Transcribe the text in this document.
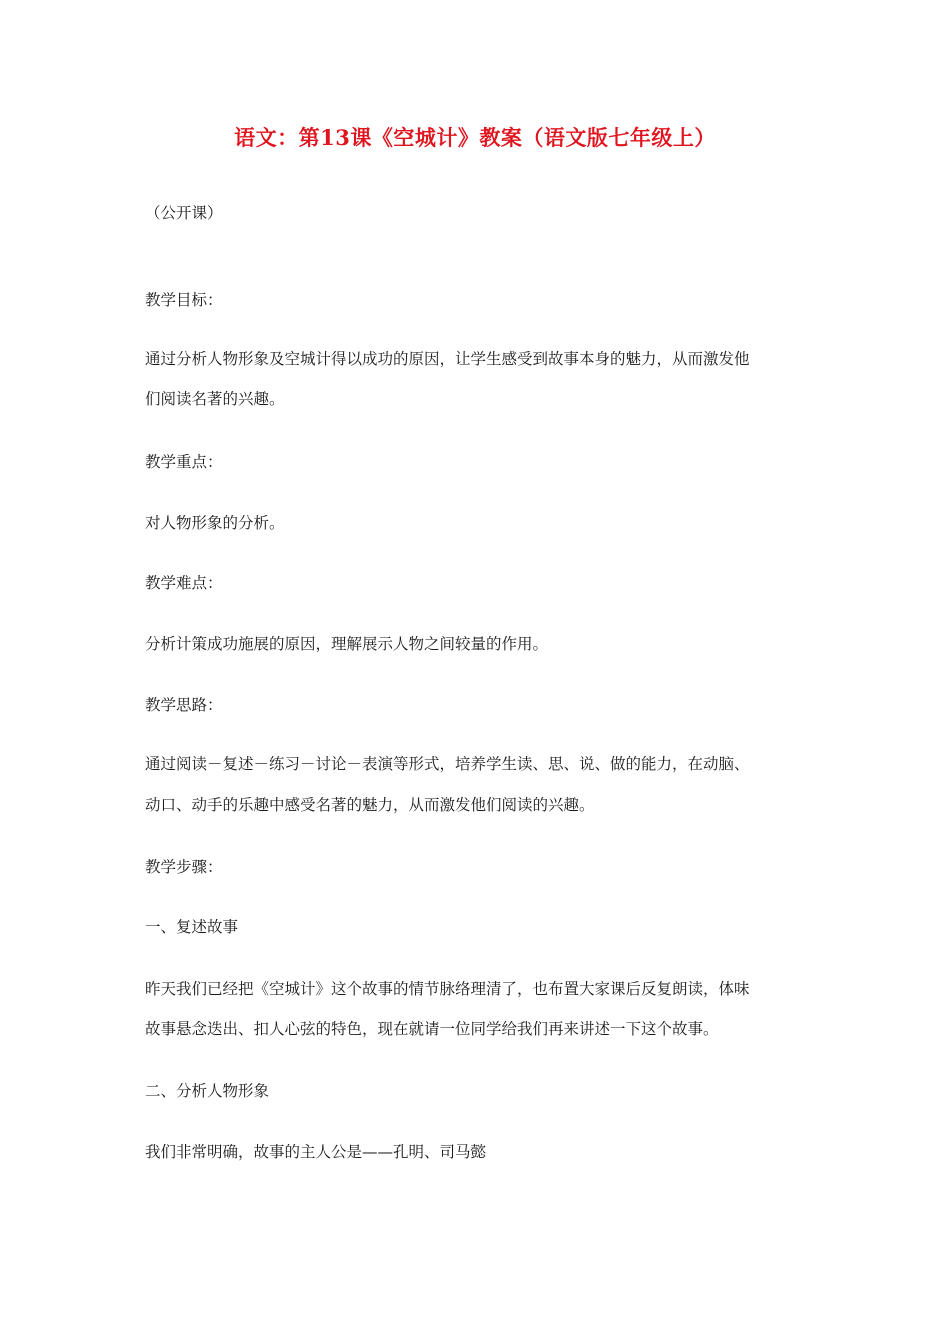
语文：第13课《空城计》教案（语文版七年级上）
（公开课）
教学目标：
通过分析人物形象及空城计得以成功的原因，让学生感受到故事本身的魅力，从而激发他
们阅读名著的兴趣。
教学重点：
对人物形象的分析。
教学难点：
分析计策成功施展的原因，理解展示人物之间较量的作用。
教学思路：
通过阅读－复述－练习－讨论－表演等形式，培养学生读、思、说、做的能力，在动脑、
动口、动手的乐趣中感受名著的魅力，从而激发他们阅读的兴趣。
教学步骤：
一、复述故事
昨天我们已经把《空城计》这个故事的情节脉络理清了，也布置大家课后反复朗读，体味
故事悬念迭出、扣人心弦的特色，现在就请一位同学给我们再来讲述一下这个故事。
二、分析人物形象
我们非常明确，故事的主人公是——孔明、司马懿
